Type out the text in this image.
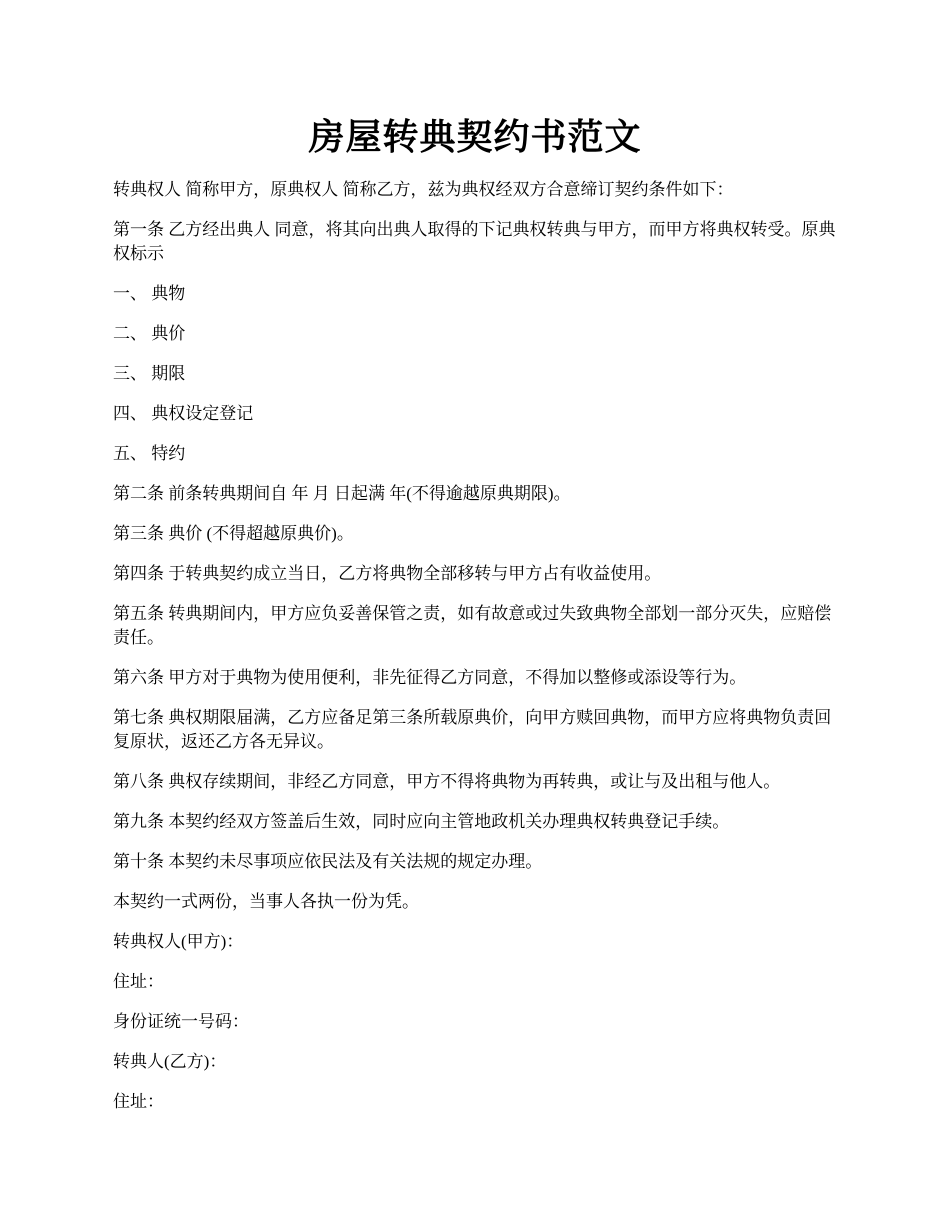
房屋转典契约书范文

转典权人 简称甲方，原典权人 简称乙方，兹为典权经双方合意缔订契约条件如下：

第一条 乙方经出典人 同意，将其向出典人取得的下记典权转典与甲方，而甲方将典权转受。原典权标示

一、 典物

二、 典价

三、 期限

四、 典权设定登记

五、 特约

第二条 前条转典期间自 年 月 日起满 年(不得逾越原典期限)。

第三条 典价 (不得超越原典价)。

第四条 于转典契约成立当日，乙方将典物全部移转与甲方占有收益使用。

第五条 转典期间内，甲方应负妥善保管之责，如有故意或过失致典物全部划一部分灭失，应赔偿责任。

第六条 甲方对于典物为使用便利，非先征得乙方同意，不得加以整修或添设等行为。

第七条 典权期限届满，乙方应备足第三条所载原典价，向甲方赎回典物，而甲方应将典物负责回复原状，返还乙方各无异议。

第八条 典权存续期间，非经乙方同意，甲方不得将典物为再转典，或让与及出租与他人。

第九条 本契约经双方签盖后生效，同时应向主管地政机关办理典权转典登记手续。

第十条 本契约未尽事项应依民法及有关法规的规定办理。

本契约一式两份，当事人各执一份为凭。

转典权人(甲方)：

住址：

身份证统一号码：

转典人(乙方)：

住址：
